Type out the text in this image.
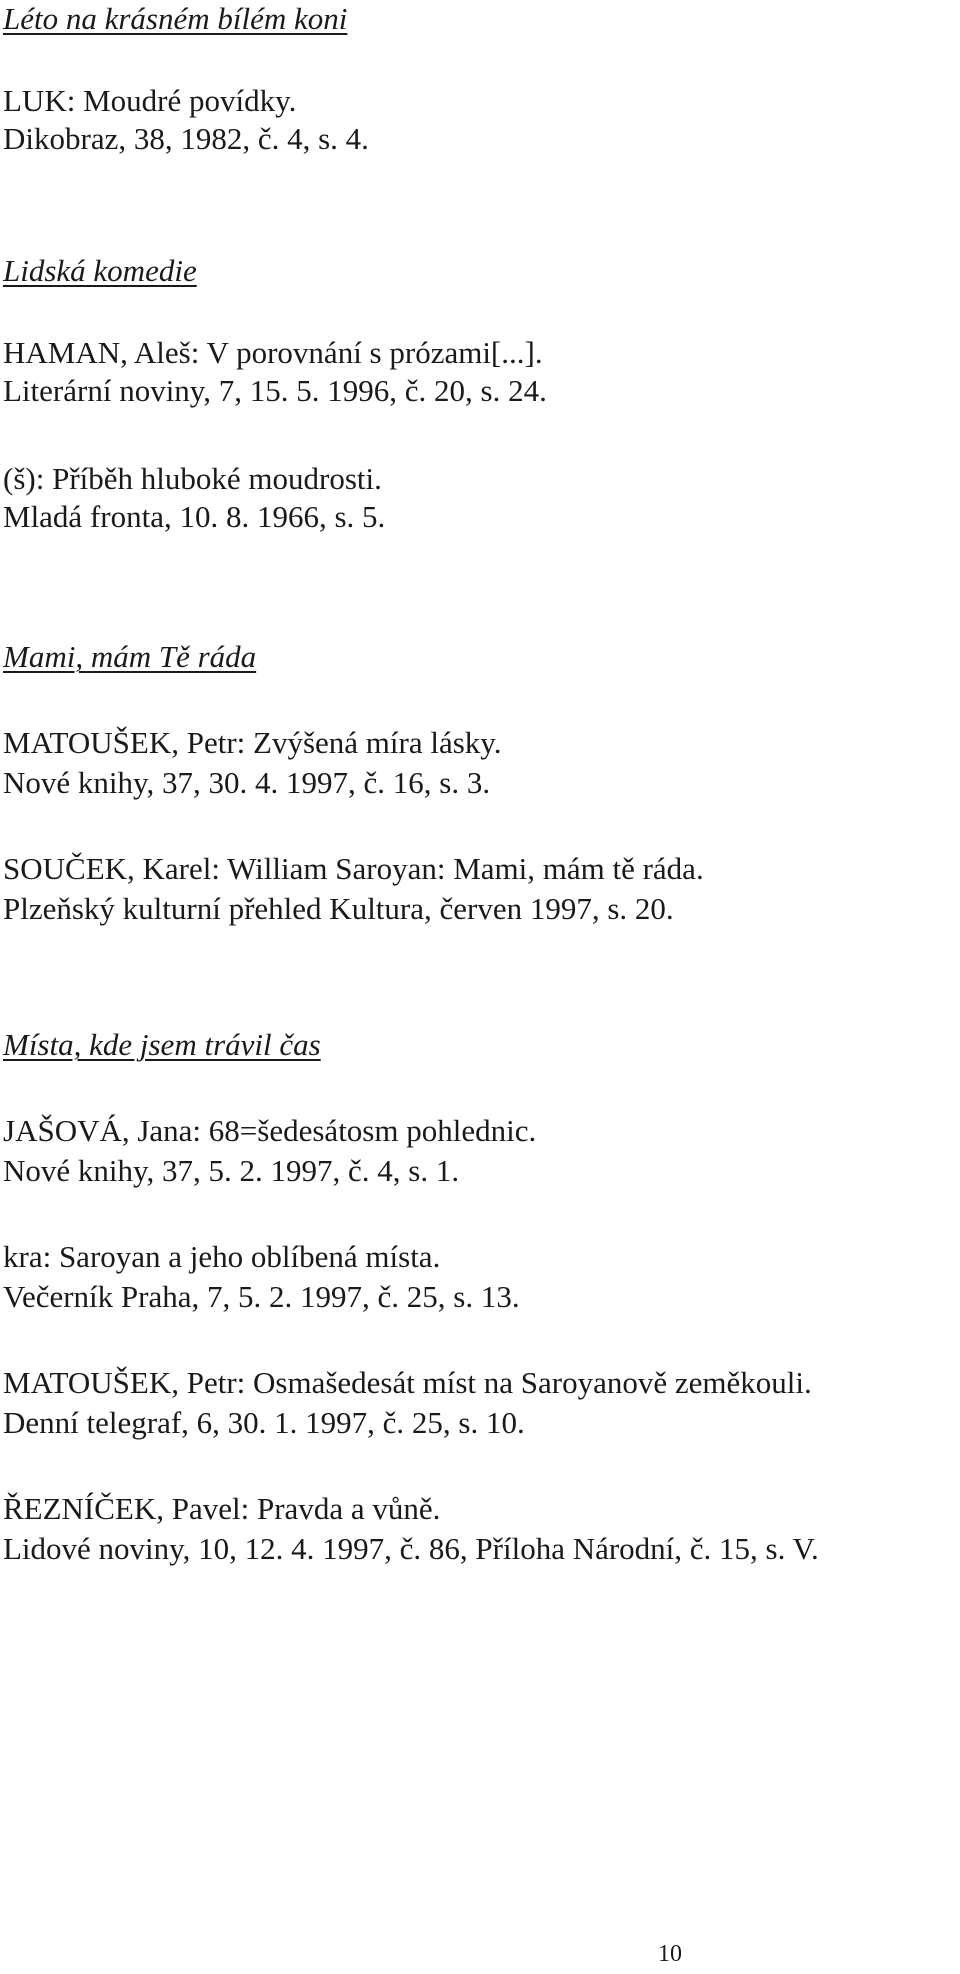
Léto na krásném bílém koni
LUK: Moudré povídky.
Dikobraz, 38, 1982, č. 4, s. 4.
Lidská komedie
HAMAN, Aleš: V porovnání s prózami[...].
Literární noviny, 7, 15. 5. 1996, č. 20, s. 24.
(š): Příběh hluboké moudrosti.
Mladá fronta, 10. 8. 1966, s. 5.
Mami, mám Tě ráda
MATOUŠEK, Petr: Zvýšená míra lásky.
Nové knihy, 37, 30. 4. 1997, č. 16, s. 3.
SOUČEK, Karel: William Saroyan: Mami, mám tě ráda.
Plzeňský kulturní přehled Kultura, červen 1997, s. 20.
Místa, kde jsem trávil čas
JAŠOVÁ, Jana: 68=šedesátosm pohlednic.
Nové knihy, 37, 5. 2. 1997, č. 4, s. 1.
kra: Saroyan a jeho oblíbená místa.
Večerník Praha, 7, 5. 2. 1997, č. 25, s. 13.
MATOUŠEK, Petr: Osmašedesát míst na Saroyanově zeměkouli.
Denní telegraf, 6, 30. 1. 1997, č. 25, s. 10.
ŘEZNÍČEK, Pavel: Pravda a vůně.
Lidové noviny, 10, 12. 4. 1997, č. 86, Příloha Národní, č. 15, s. V.
10
